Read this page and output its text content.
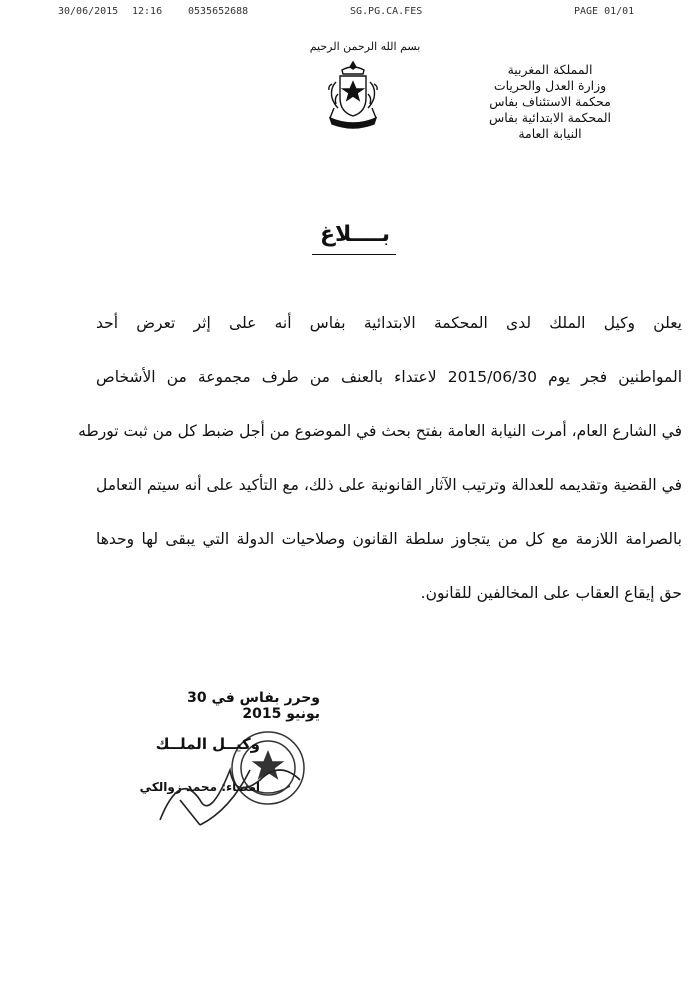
30/06/2015 12:16	0535652688	SG.PG.CA.FES	PAGE 01/01
بسم الله الرحمن الرحيم
المملكة المغربية
وزارة العدل والحريات
محكمة الاستئناف بفاس
المحكمة الابتدائية بفاس
النيابة العامة
بــــلاغ
يعلن وكيل الملك لدى المحكمة الابتدائية بفاس أنه على إثر تعرض أحد
المواطنين فجر يوم 2015/06/30 لاعتداء بالعنف من طرف مجموعة من الأشخاص
في الشارع العام، أمرت النيابة العامة بفتح بحث في الموضوع من أجل ضبط كل من ثبت تورطه
في القضية وتقديمه للعدالة وترتيب الآثار القانونية على ذلك، مع التأكيد على أنه سيتم التعامل
بالصرامة اللازمة مع كل من يتجاوز سلطة القانون وصلاحيات الدولة التي يبقى لها وحدها
حق إيقاع العقاب على المخالفين للقانون.
وحرر بفاس في 30 يونيو 2015
وكيــل الملــك
امضاء: محمد زوالكي
